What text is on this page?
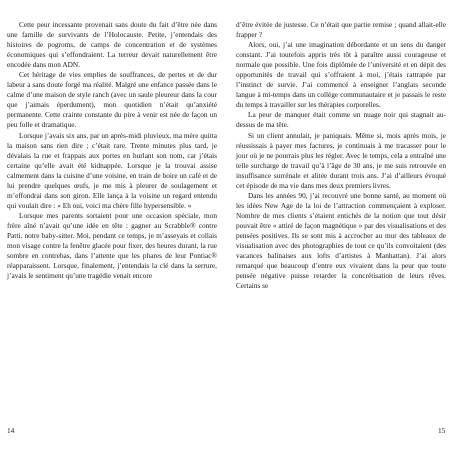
Cette peur incessante provenait sans doute du fait d’être née dans une famille de survivants de l’Holocauste. Petite, j’entendais des histoires de pogroms, de camps de concentration et de systèmes économiques qui s’effondraient. La terreur devait naturellement être encodée dans mon ADN.

Cet héritage de vies emplies de souffrances, de pertes et de dur labeur a sans doute forgé ma réalité. Malgré une enfance passée dans le calme d’une maison de style ranch (avec un saule pleureur dans la cour que j’aimais éperdument), mon quotidien n’était qu’anxiété permanente. Cette crainte constante du pire à venir est née de façon un peu folle et dramatique.

Lorsque j’avais six ans, par un après-midi pluvieux, ma mère quitta la maison sans rien dire ; c’était rare. Trente minutes plus tard, je dévalais la rue et frappais aux portes en hurlant son nom, car j’étais certaine qu’elle avait été kidnappée. Lorsque je la trouvai assise calmement dans la cuisine d’une voisine, en train de boire un café et de lui prendre quelques œufs, je me mis à pleurer de soulagement et m’effondrai dans son giron. Elle lança à la voisine un regard entendu qui voulait dire : « Eh oui, voici ma chère fille hypersensible. »

Lorsque mes parents sortaient pour une occasion spéciale, mon frère aîné n’avait qu’une idée en tête : gagner au Scrabble® contre Patti, notre baby-sitter. Moi, pendant ce temps, je m’asseyais et collais mon visage contre la fenêtre glacée pour fixer, des heures durant, la rue sombre en contrebas, dans l’attente que les phares de leur Pontiac® réapparaissent. Lorsque, finalement, j’entendais la clé dans la serrure, j’avais le sentiment qu’une tragédie venait encore

14

d’être évitée de justesse. Ce n’était que partie remise ; quand allait-elle frapper ?

Alors, oui, j’ai une imagination débordante et un sens du danger constant. J’ai toutefois appris très tôt à paraître aussi courageuse et normale que possible. Une fois diplômée de l’université et en dépit des opportunités de travail qui s’offraient à moi, j’étais rattrapée par l’instinct de survie. J’ai commencé à enseigner l’anglais seconde langue à mi-temps dans un collège communautaire et je passais le reste du temps à travailler sur les thérapies corporelles.

La peur de manquer était comme un nuage noir qui stagnait au-dessus de ma tête.

Si un client annulait, je paniquais. Même si, mois après mois, je réussissais à payer mes factures, je continuais à me tracasser pour le jour où je ne pourrais plus les régler. Avec le temps, cela a entraîné une telle surcharge de travail qu’à l’âge de 30 ans, je me suis retrouvée en insuffisance surrénale et alitée durant trois ans. J’ai d’ailleurs évoqué cet épisode de ma vie dans mes deux premiers livres.

Dans les années 90, j’ai recouvré une bonne santé, au moment où les idées New Age de la loi de l’attraction commençaient à exploser. Nombre de mes clients s’étaient entichés de la notion que tout désir pouvait être « attiré de façon magnétique » par des visualisations et des pensées positives. Ils se sont mis à accrocher au mur des tableaux de visualisation avec des photographies de tout ce qu’ils convoitaient (des vacances balinaises aux lofts d’artistes à Manhattan). J’ai alors remarqué que beaucoup d’entre eux vivaient dans la peur que toute pensée négative puisse retarder la concrétisation de leurs rêves. Certains se

15
